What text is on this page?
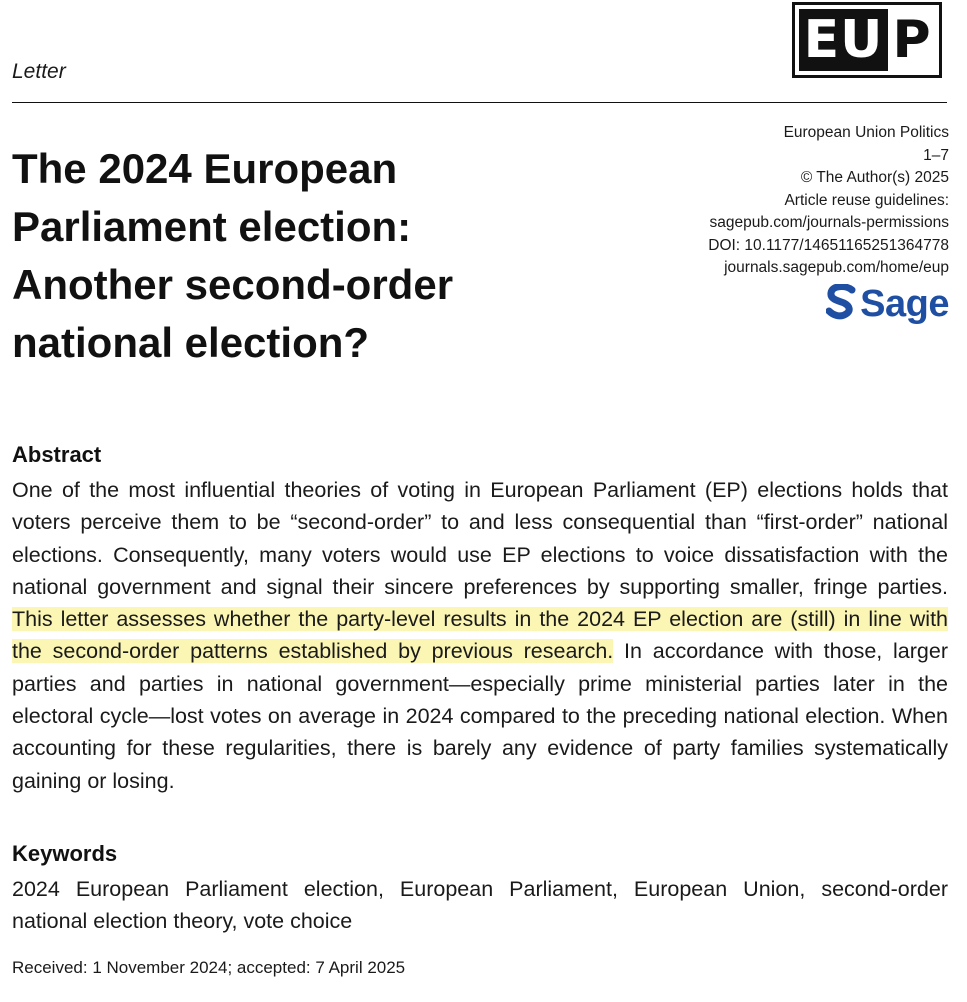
Letter
EU P
The 2024 European Parliament election: Another second-order national election?
European Union Politics
1–7
© The Author(s) 2025
Article reuse guidelines:
sagepub.com/journals-permissions
DOI: 10.1177/14651165251364778
journals.sagepub.com/home/eup
Sage
Abstract

One of the most influential theories of voting in European Parliament (EP) elections holds that voters perceive them to be “second-order” to and less consequential than “first-order” national elections. Consequently, many voters would use EP elections to voice dissatisfaction with the national government and signal their sincere preferences by supporting smaller, fringe parties. This letter assesses whether the party-level results in the 2024 EP election are (still) in line with the second-order patterns established by previous research. In accordance with those, larger parties and parties in national government—especially prime ministerial parties later in the electoral cycle—lost votes on average in 2024 compared to the preceding national election. When accounting for these regularities, there is barely any evidence of party families systematically gaining or losing.

Keywords

2024 European Parliament election, European Parliament, European Union, second-order national election theory, vote choice

Received: 1 November 2024; accepted: 7 April 2025
